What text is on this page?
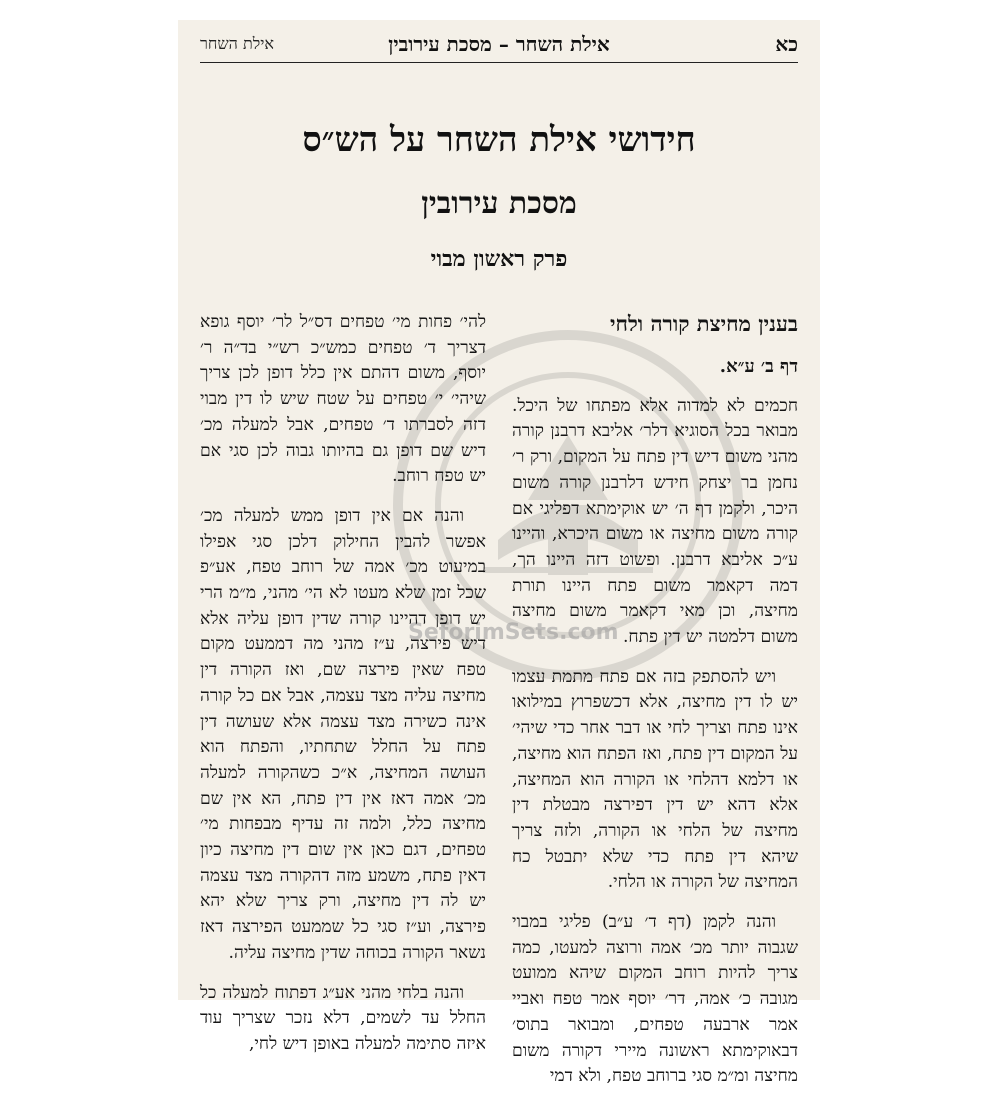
SeforimSets.com
כא
אילת השחר – מסכת עירובין
אילת השחר
חידושי אילת השחר על הש״ס
מסכת עירובין
פרק ראשון מבוי
בענין מחיצת קורה ולחי
דף ב׳ ע״א.

חכמים לא למדוה אלא מפתחו של היכל. מבואר בכל הסוגיא דלר׳ אליבא דרבנן קורה מהני משום דיש דין פתח על המקום, ורק ר׳ נחמן בר יצחק חידש דלרבנן קורה משום היכר, ולקמן דף ה׳ יש אוקימתא דפליגי אם קורה משום מחיצה או משום היכרא, והיינו ע״כ אליבא דרבנן. ופשוט דזה היינו הך, דמה דקאמר משום פתח היינו תורת מחיצה, וכן מאי דקאמר משום מחיצה משום דלמטה יש דין פתח.

ויש להסתפק בזה אם פתח מתמת עצמו יש לו דין מחיצה, אלא דכשפרוץ במילואו אינו פתח וצריך לחי או דבר אחר כדי שיהי׳ על המקום דין פתח, ואז הפתח הוא מחיצה, או דלמא דהלחי או הקורה הוא המחיצה, אלא דהא יש דין דפירצה מבטלת דין מחיצה של הלחי או הקורה, ולזה צריך שיהא דין פתח כדי שלא יתבטל כח המחיצה של הקורה או הלחי.

והנה לקמן (דף ד׳ ע״ב) פליגי במבוי שגבוה יותר מכ׳ אמה ורוצה למעטו, כמה צריך להיות רוחב המקום שיהא ממועט מגובה כ׳ אמה, דר׳ יוסף אמר טפח ואביי אמר ארבעה טפחים, ומבואר בתוס׳ דבאוקימתא ראשונה מיירי דקורה משום מחיצה ומ״מ סגי ברוחב טפח, ולא דמי

להי׳ פחות מי׳ טפחים דס״ל לר׳ יוסף גופא דצריך ד׳ טפחים כמש״כ רש״י בד״ה ר׳ יוסף, משום דהתם אין כלל דופן לכן צריך שיהי׳ י׳ טפחים על שטח שיש לו דין מבוי דזה לסברתו ד׳ טפחים, אבל למעלה מכ׳ דיש שם דופן גם בהיותו גבוה לכן סגי אם יש טפח רוחב.

והנה אם אין דופן ממש למעלה מכ׳ אפשר להבין החילוק דלכן סגי אפילו במיעוט מכ׳ אמה של רוחב טפח, אע״פ שכל זמן שלא מעטו לא הי׳ מהני, מ״מ הרי יש דופן דהיינו קורה שדין דופן עליה אלא דיש פירצה, ע״ז מהני מה דממעט מקום טפח שאין פירצה שם, ואז הקורה דין מחיצה עליה מצד עצמה, אבל אם כל קורה אינה כשירה מצד עצמה אלא שעושה דין פתח על החלל שתחתיו, והפתח הוא העושה המחיצה, א״כ כשהקורה למעלה מכ׳ אמה דאז אין דין פתח, הא אין שם מחיצה כלל, ולמה זה עדיף מבפחות מי׳ טפחים, דגם כאן אין שום דין מחיצה כיון דאין פתח, משמע מזה דהקורה מצד עצמה יש לה דין מחיצה, ורק צריך שלא יהא פירצה, וע״ז סגי כל שממעט הפירצה דאז נשאר הקורה בכוחה שדין מחיצה עליה.

והנה בלחי מהני אע״ג דפתוח למעלה כל החלל עד לשמים, דלא נזכר שצריך עוד איזה סתימה למעלה באופן דיש לחי,
